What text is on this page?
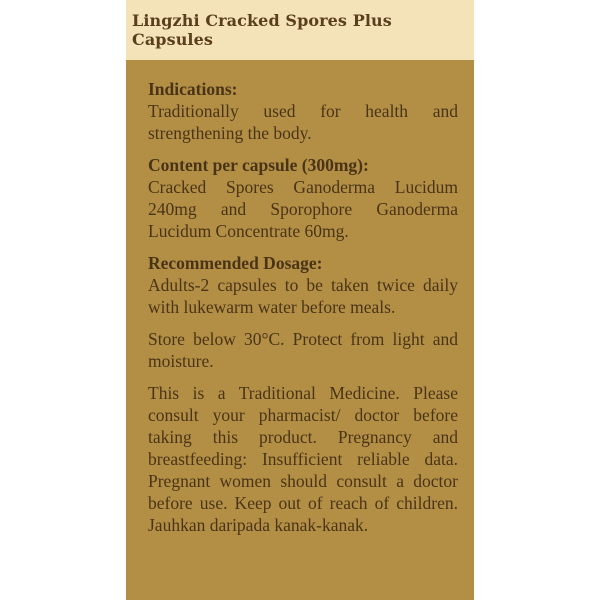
Lingzhi Cracked Spores Plus Capsules
Indications:
Traditionally used for health and strengthening the body.
Content per capsule (300mg):
Cracked Spores Ganoderma Lucidum 240mg and Sporophore Ganoderma Lucidum Concentrate 60mg.
Recommended Dosage:
Adults-2 capsules to be taken twice daily with lukewarm water before meals.
Store below 30°C. Protect from light and moisture.
This is a Traditional Medicine. Please consult your pharmacist/ doctor before taking this product. Pregnancy and breastfeeding: Insufficient reliable data. Pregnant women should consult a doctor before use. Keep out of reach of children. Jauhkan daripada kanak-kanak.
